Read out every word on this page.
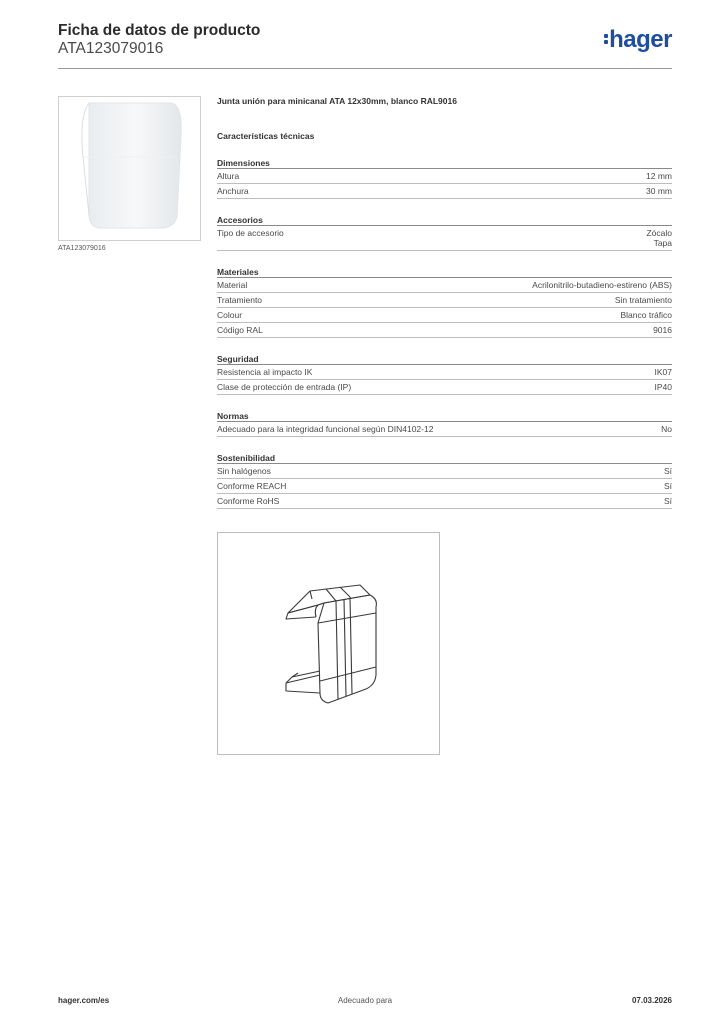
Ficha de datos de producto
ATA123079016	hager
ATA123079016
Junta unión para minicanal ATA 12x30mm, blanco RAL9016
Características técnicas
Dimensiones
Altura	12 mm
Anchura	30 mm
Accesorios
Tipo de accesorio	Zócalo
Tapa
Materiales
Material	Acrilonitrilo-butadieno-estireno (ABS)
Tratamiento	Sin tratamiento
Colour	Blanco tráfico
Código RAL	9016
Seguridad
Resistencia al impacto IK	IK07
Clase de protección de entrada (IP)	IP40
Normas
Adecuado para la integridad funcional según DIN4102-12	No
Sostenibilidad
Sin halógenos	Sí
Conforme REACH	Sí
Conforme RoHS	Sí
hager.com/es	Adecuado para	07.03.2026
